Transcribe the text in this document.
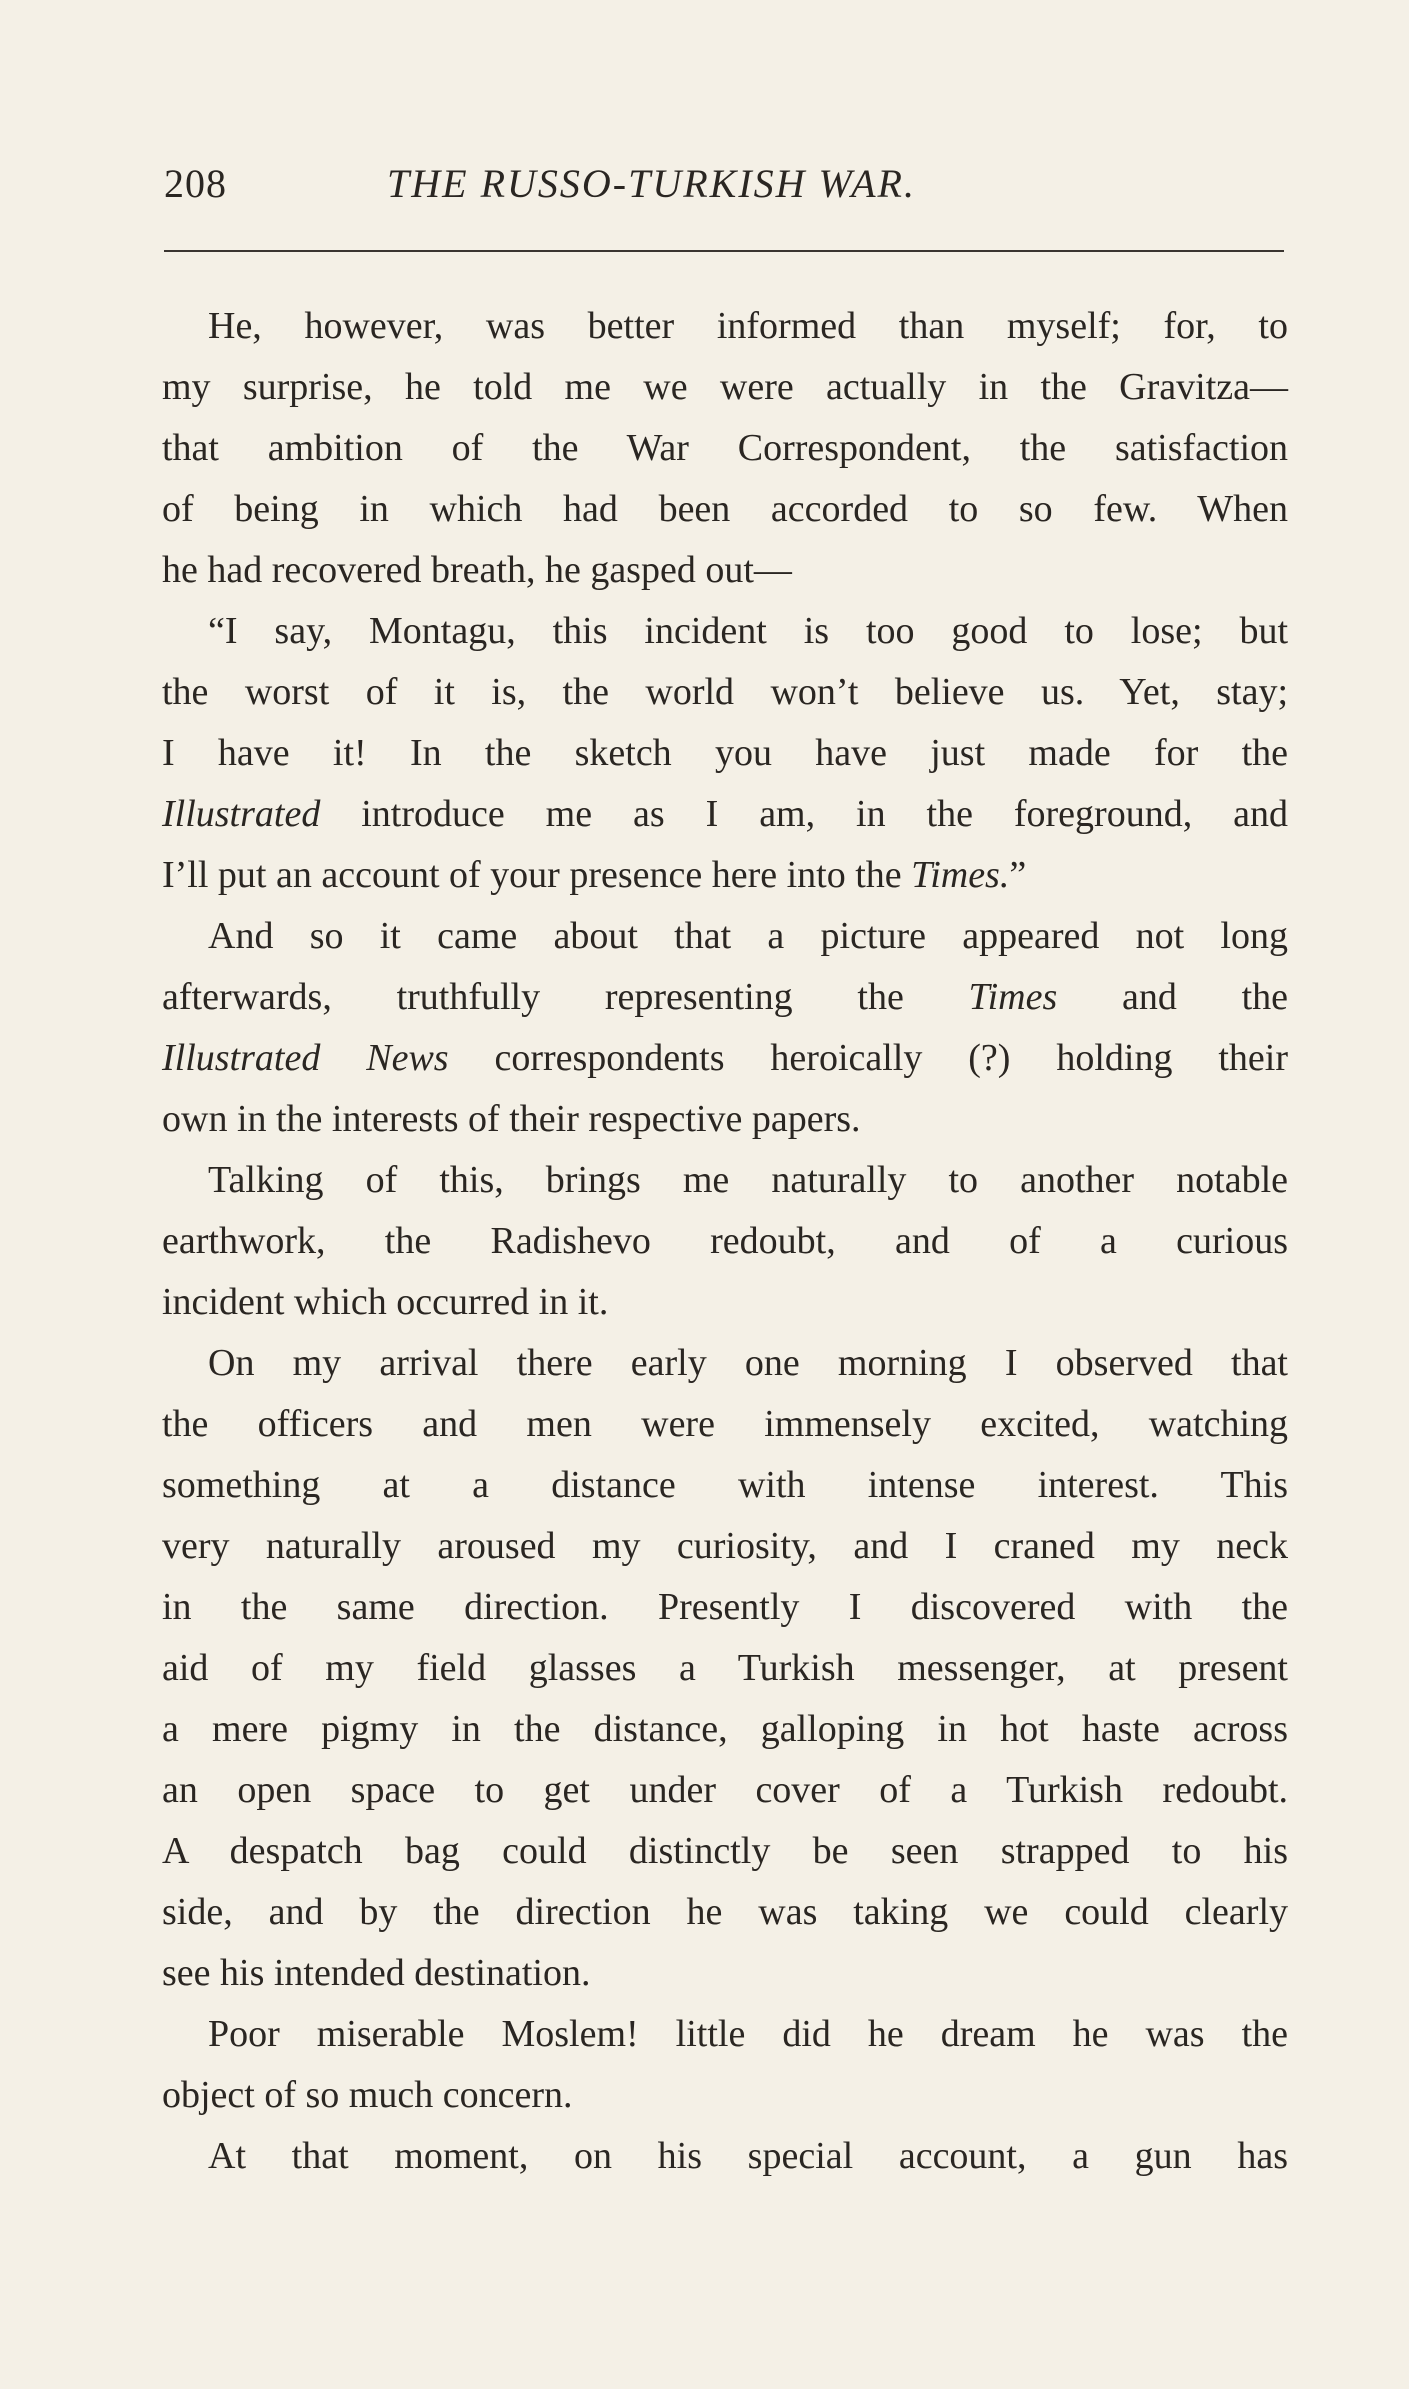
208	THE RUSSO-TURKISH WAR.
He, however, was better informed than myself; for, to
my surprise, he told me we were actually in the Gravitza—
that ambition of the War Correspondent, the satisfaction
of being in which had been accorded to so few. When
he had recovered breath, he gasped out—
“I say, Montagu, this incident is too good to lose; but
the worst of it is, the world won’t believe us. Yet, stay;
I have it! In the sketch you have just made for the
Illustrated introduce me as I am, in the foreground, and
I’ll put an account of your presence here into the Times.”
And so it came about that a picture appeared not long
afterwards, truthfully representing the Times and the
Illustrated News correspondents heroically (?) holding their
own in the interests of their respective papers.
Talking of this, brings me naturally to another notable
earthwork, the Radishevo redoubt, and of a curious
incident which occurred in it.
On my arrival there early one morning I observed that
the officers and men were immensely excited, watching
something at a distance with intense interest. This
very naturally aroused my curiosity, and I craned my neck
in the same direction. Presently I discovered with the
aid of my field glasses a Turkish messenger, at present
a mere pigmy in the distance, galloping in hot haste across
an open space to get under cover of a Turkish redoubt.
A despatch bag could distinctly be seen strapped to his
side, and by the direction he was taking we could clearly
see his intended destination.
Poor miserable Moslem! little did he dream he was the
object of so much concern.
At that moment, on his special account, a gun has
